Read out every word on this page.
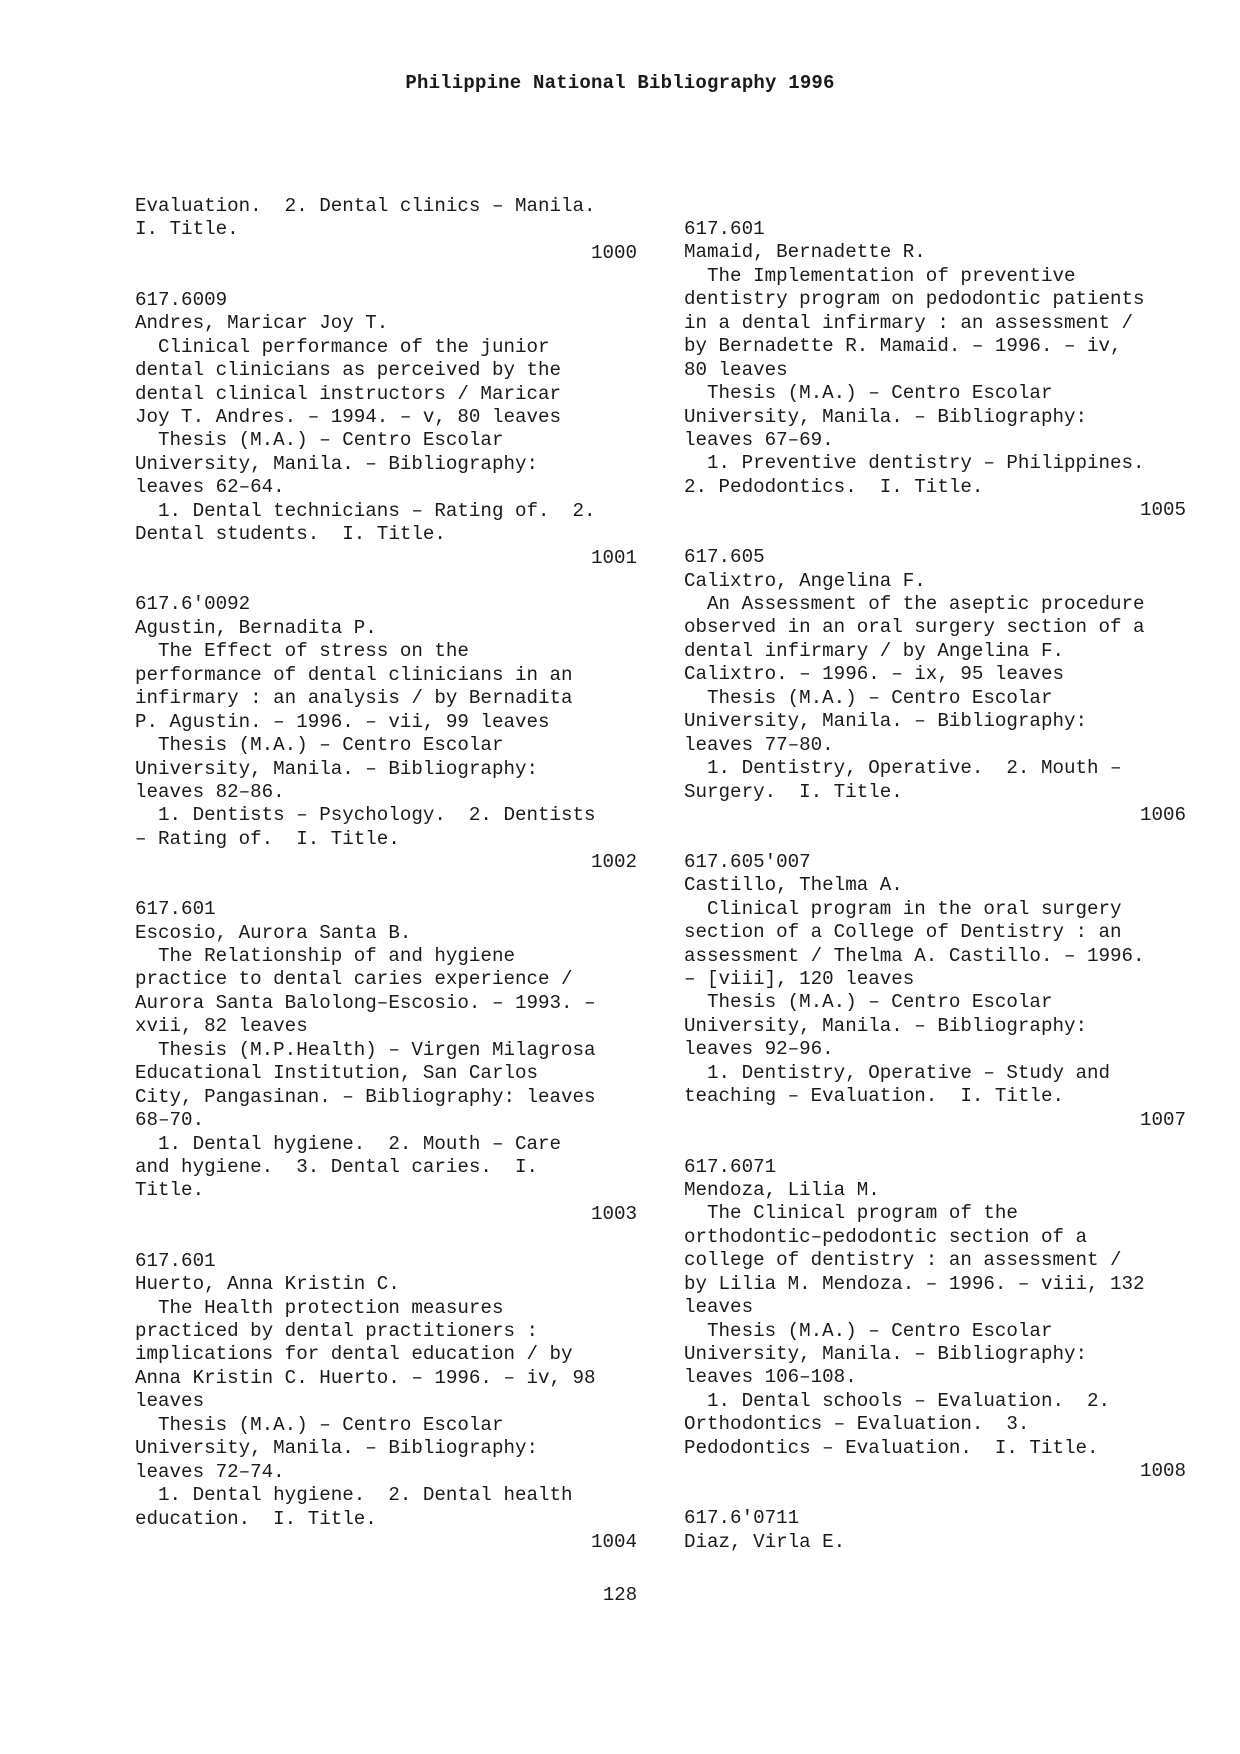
Philippine National Bibliography 1996
Evaluation.  2. Dental clinics – Manila.
I. Title.
1000
617.6009
Andres, Maricar Joy T.
Clinical performance of the junior
dental clinicians as perceived by the
dental clinical instructors / Maricar
Joy T. Andres. – 1994. – v, 80 leaves
Thesis (M.A.) – Centro Escolar
University, Manila. – Bibliography:
leaves 62–64.
1. Dental technicians – Rating of.  2.
Dental students.  I. Title.
1001
617.6'0092
Agustin, Bernadita P.
The Effect of stress on the
performance of dental clinicians in an
infirmary : an analysis / by Bernadita
P. Agustin. – 1996. – vii, 99 leaves
Thesis (M.A.) – Centro Escolar
University, Manila. – Bibliography:
leaves 82–86.
1. Dentists – Psychology.  2. Dentists
– Rating of.  I. Title.
1002
617.601
Escosio, Aurora Santa B.
The Relationship of and hygiene
practice to dental caries experience /
Aurora Santa Balolong–Escosio. – 1993. –
xvii, 82 leaves
Thesis (M.P.Health) – Virgen Milagrosa
Educational Institution, San Carlos
City, Pangasinan. – Bibliography: leaves
68–70.
1. Dental hygiene.  2. Mouth – Care
and hygiene.  3. Dental caries.  I.
Title.
1003
617.601
Huerto, Anna Kristin C.
The Health protection measures
practiced by dental practitioners :
implications for dental education / by
Anna Kristin C. Huerto. – 1996. – iv, 98
leaves
Thesis (M.A.) – Centro Escolar
University, Manila. – Bibliography:
leaves 72–74.
1. Dental hygiene.  2. Dental health
education.  I. Title.
1004
617.601
Mamaid, Bernadette R.
The Implementation of preventive
dentistry program on pedodontic patients
in a dental infirmary : an assessment /
by Bernadette R. Mamaid. – 1996. – iv,
80 leaves
Thesis (M.A.) – Centro Escolar
University, Manila. – Bibliography:
leaves 67–69.
1. Preventive dentistry – Philippines.
2. Pedodontics.  I. Title.
1005
617.605
Calixtro, Angelina F.
An Assessment of the aseptic procedure
observed in an oral surgery section of a
dental infirmary / by Angelina F.
Calixtro. – 1996. – ix, 95 leaves
Thesis (M.A.) – Centro Escolar
University, Manila. – Bibliography:
leaves 77–80.
1. Dentistry, Operative.  2. Mouth –
Surgery.  I. Title.
1006
617.605'007
Castillo, Thelma A.
Clinical program in the oral surgery
section of a College of Dentistry : an
assessment / Thelma A. Castillo. – 1996.
– [viii], 120 leaves
Thesis (M.A.) – Centro Escolar
University, Manila. – Bibliography:
leaves 92–96.
1. Dentistry, Operative – Study and
teaching – Evaluation.  I. Title.
1007
617.6071
Mendoza, Lilia M.
The Clinical program of the
orthodontic–pedodontic section of a
college of dentistry : an assessment /
by Lilia M. Mendoza. – 1996. – viii, 132
leaves
Thesis (M.A.) – Centro Escolar
University, Manila. – Bibliography:
leaves 106–108.
1. Dental schools – Evaluation.  2.
Orthodontics – Evaluation.  3.
Pedodontics – Evaluation.  I. Title.
1008
617.6'0711
Diaz, Virla E.
128
